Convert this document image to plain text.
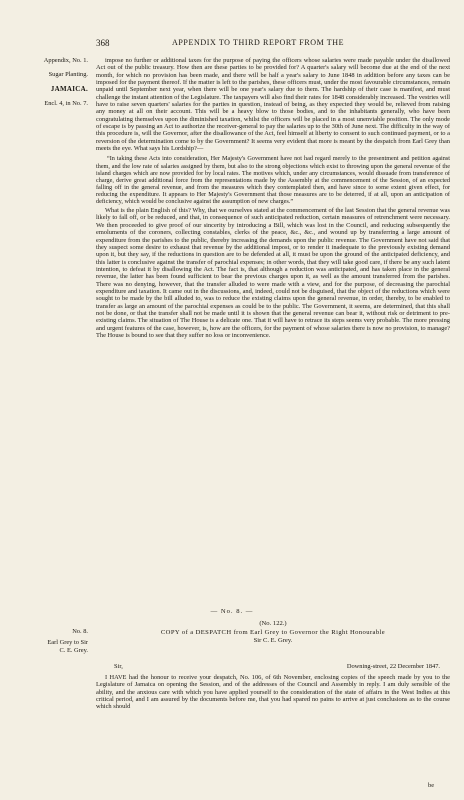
368	APPENDIX TO THIRD REPORT FROM THE
Appendix, No. 1.
Sugar Planting.
JAMAICA.
Encl. 4, in No. 7.

impose no further or additional taxes for the purpose of paying the officers whose salaries were made payable under the disallowed Act out of the public treasury. How then are these parties to be provided for? A quarter's salary will become due at the end of the next month, for which no provision has been made, and there will be half a year's salary to June 1848 in addition before any taxes can be imposed for the payment thereof. If the matter is left to the parishes, these officers must, under the most favourable circumstances, remain unpaid until September next year, when there will be one year's salary due to them. The hardship of their case is manifest, and must challenge the instant attention of the Legislature. The taxpayers will also find their rates for 1848 considerably increased. The vestries will have to raise seven quarters' salaries for the parties in question, instead of being, as they expected they would be, relieved from raising any money at all on their account. This will be a heavy blow to those bodies, and to the inhabitants generally, who have been congratulating themselves upon the diminished taxation, whilst the officers will be placed in a most unenviable position. The only mode of escape is by passing an Act to authorize the receiver-general to pay the salaries up to the 30th of June next. The difficulty in the way of this procedure is, will the Governor, after the disallowance of the Act, feel himself at liberty to consent to such continued payment, or to a reversion of the determination come to by the Government? It seems very evident that more is meant by the despatch from Earl Grey than meets the eye. What says his Lordship?—

“In taking these Acts into consideration, Her Majesty's Government have not had regard merely to the presentment and petition against them, and the low rate of salaries assigned by them, but also to the strong objections which exist to throwing upon the general revenue of the island charges which are now provided for by local rates. The motives which, under any circumstances, would dissuade from transference of charge, derive great additional force from the representations made by the Assembly at the commencement of the Session, of an expected falling off in the general revenue, and from the measures which they contemplated then, and have since to some extent given effect, for reducing the expenditure. It appears to Her Majesty's Government that those measures are to be deterred, if at all, upon an anticipation of deficiency, which would be conclusive against the assumption of new charges.”

What is the plain English of this? Why, that we ourselves stated at the commencement of the last Session that the general revenue was likely to fall off, or be reduced, and that, in consequence of such anticipated reduction, certain measures of retrenchment were necessary. We then proceeded to give proof of our sincerity by introducing a Bill, which was lost in the Council, and reducing subsequently the emoluments of the coroners, collecting constables, clerks of the peace, &c., &c., and wound up by transferring a large amount of expenditure from the parishes to the public, thereby increasing the demands upon the public revenue. The Government have not said that they suspect some desire to exhaust that revenue by the additional impost, or to render it inadequate to the previously existing demand upon it, but they say, if the reductions in question are to be defended at all, it must be upon the ground of the anticipated deficiency, and this latter is conclusive against the transfer of parochial expenses; in other words, that they will take good care, if there be any such latent intention, to defeat it by disallowing the Act. The fact is, that although a reduction was anticipated, and has taken place in the general revenue, the latter has been found sufficient to bear the previous charges upon it, as well as the amount transferred from the parishes. There was no denying, however, that the transfer alluded to were made with a view, and for the purpose, of decreasing the parochial expenditure and taxation. It came out in the discussions, and, indeed, could not be disguised, that the object of the reductions which were sought to be made by the bill alluded to, was to reduce the existing claims upon the general revenue, in order, thereby, to be enabled to transfer as large an amount of the parochial expenses as could be to the public. The Government, it seems, are determined, that this shall not be done, or that the transfer shall not be made until it is shown that the general revenue can bear it, without risk or detriment to pre-existing claims. The situation of The House is a delicate one. That it will have to retrace its steps seems very probable. The more pressing and urgent features of the case, however, is, how are the officers, for the payment of whose salaries there is now no provision, to manage? The House is bound to see that they suffer no loss or inconvenience.

— No. 8. —
No. 8.
Earl Grey to Sir
C. E. Grey.
(No. 122.)
COPY of a DESPATCH from Earl Grey to Governor the Right Honourable
Sir C. E. Grey.
Sir,	Downing-street, 22 December 1847.

I HAVE had the honour to receive your despatch, No. 106, of 6th November, enclosing copies of the speech made by you to the Legislature of Jamaica on opening the Session, and of the addresses of the Council and Assembly in reply. I am duly sensible of the ability, and the anxious care with which you have applied yourself to the consideration of the state of affairs in the West Indies at this critical period, and I am assured by the documents before me, that you had spared no pains to arrive at just conclusions as to the course which should

be
